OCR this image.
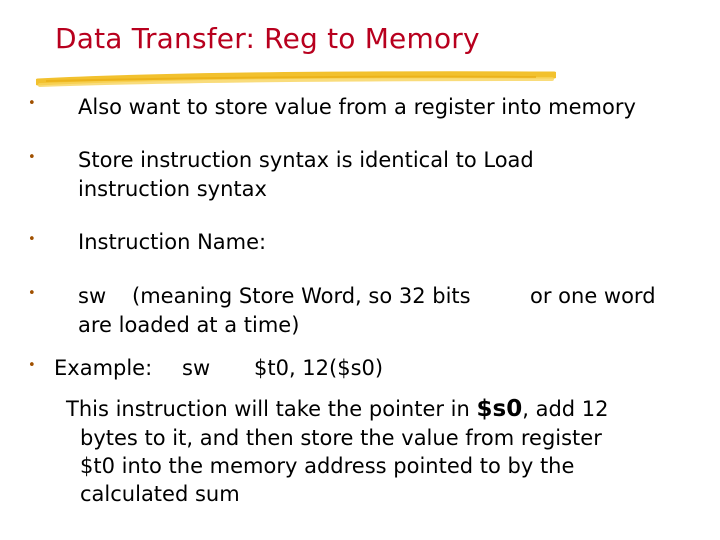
Data Transfer: Reg to Memory
• Also want to store value from a register into memory
• Store instruction syntax is identical to Load
instruction syntax
• Instruction Name:
• sw (meaning Store Word, so 32 bits	or one word
are loaded at a time)
• Example: sw $t0, 12($s0)
This instruction will take the pointer in $s0, add 12
bytes to it, and then store the value from register
$t0 into the memory address pointed to by the
calculated sum
